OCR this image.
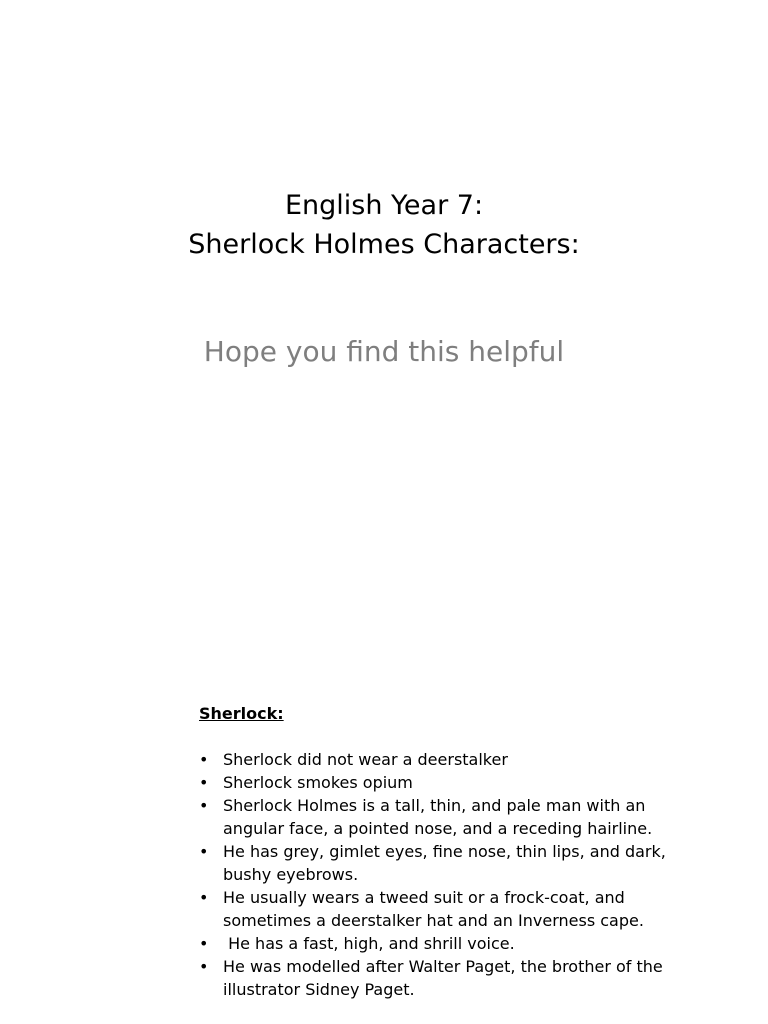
English Year 7:
Sherlock Holmes Characters:
Hope you find this helpful
Sherlock:
• Sherlock did not wear a deerstalker
• Sherlock smokes opium
• Sherlock Holmes is a tall, thin, and pale man with an angular face, a pointed nose, and a receding hairline.
• He has grey, gimlet eyes, fine nose, thin lips, and dark, bushy eyebrows.
• He usually wears a tweed suit or a frock-coat, and sometimes a deerstalker hat and an Inverness cape.
• He has a fast, high, and shrill voice.
• He was modelled after Walter Paget, the brother of the illustrator Sidney Paget.
